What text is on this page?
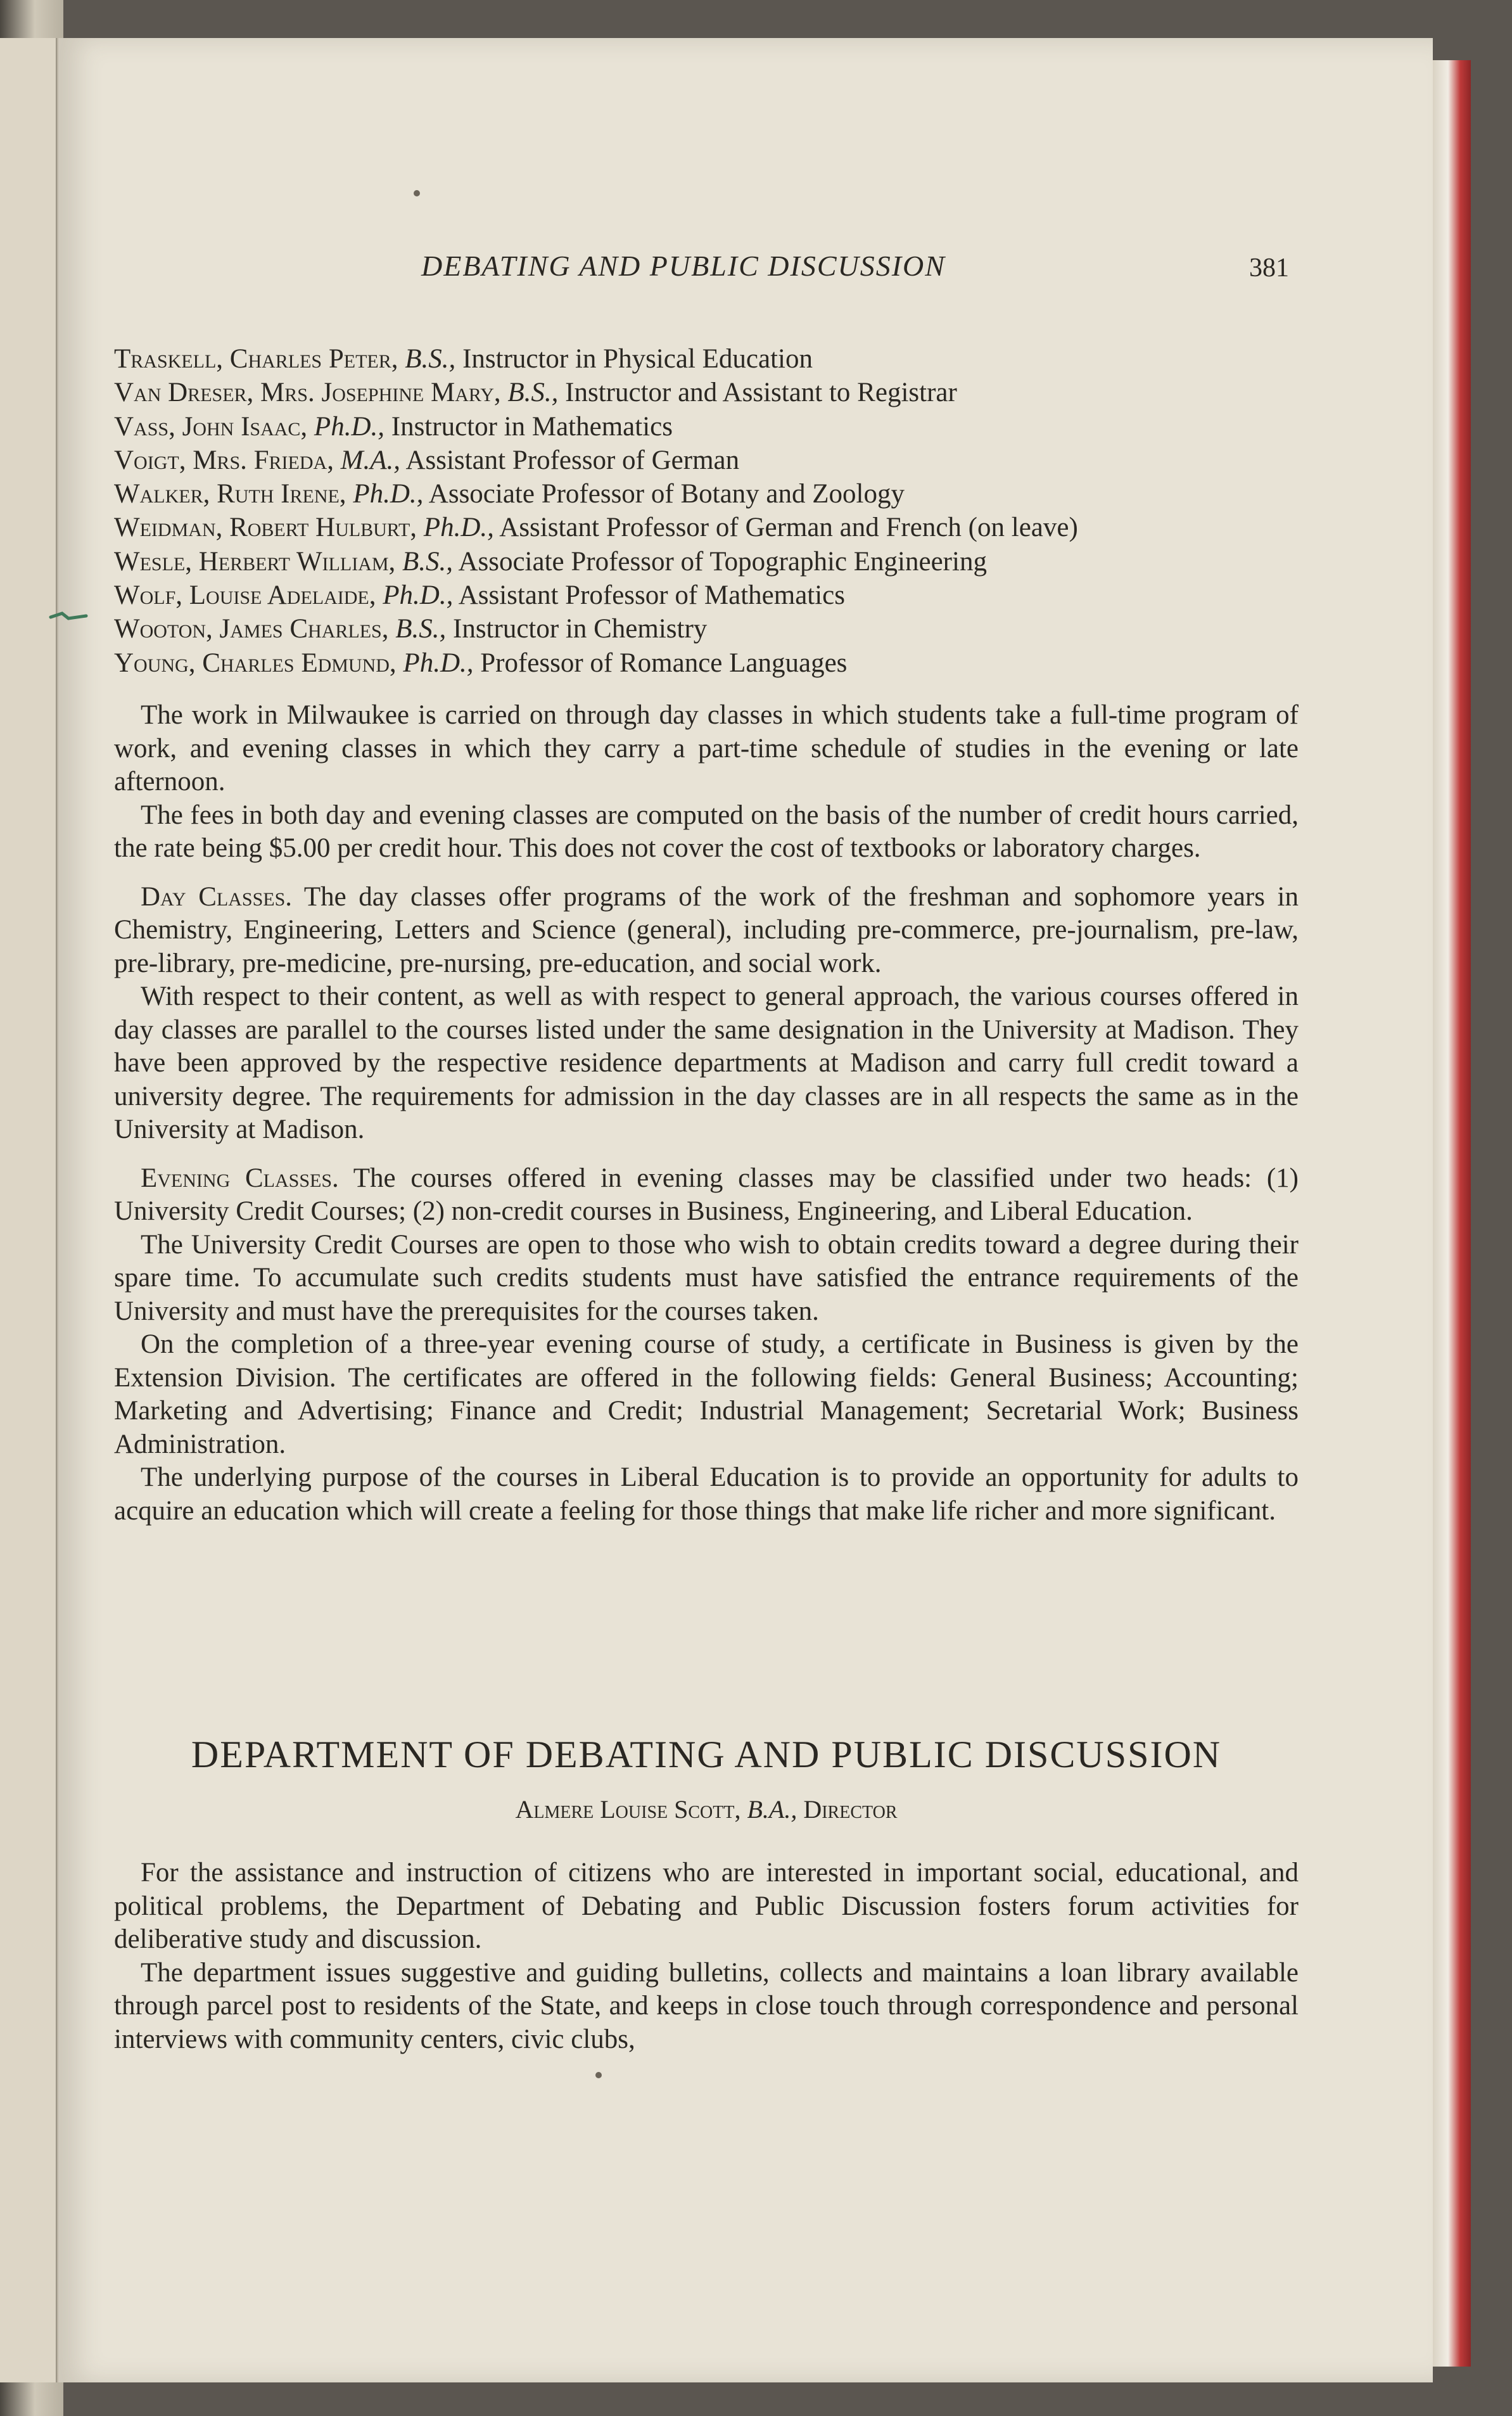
DEBATING AND PUBLIC DISCUSSION	381
Traskell, Charles Peter, B.S., Instructor in Physical Education
Van Dreser, Mrs. Josephine Mary, B.S., Instructor and Assistant to Registrar
Vass, John Isaac, Ph.D., Instructor in Mathematics
Voigt, Mrs. Frieda, M.A., Assistant Professor of German
Walker, Ruth Irene, Ph.D., Associate Professor of Botany and Zoology
Weidman, Robert Hulburt, Ph.D., Assistant Professor of German and French (on leave)
Wesle, Herbert William, B.S., Associate Professor of Topographic Engineering
Wolf, Louise Adelaide, Ph.D., Assistant Professor of Mathematics
Wooton, James Charles, B.S., Instructor in Chemistry
Young, Charles Edmund, Ph.D., Professor of Romance Languages

The work in Milwaukee is carried on through day classes in which students take a full-time program of work, and evening classes in which they carry a part-time schedule of studies in the evening or late afternoon.

The fees in both day and evening classes are computed on the basis of the number of credit hours carried, the rate being $5.00 per credit hour. This does not cover the cost of textbooks or laboratory charges.

Day Classes. The day classes offer programs of the work of the freshman and sophomore years in Chemistry, Engineering, Letters and Science (general), including pre-commerce, pre-journalism, pre-law, pre-library, pre-medicine, pre-nursing, pre-education, and social work.

With respect to their content, as well as with respect to general approach, the various courses offered in day classes are parallel to the courses listed under the same designation in the University at Madison. They have been approved by the respective residence departments at Madison and carry full credit toward a university degree. The requirements for admission in the day classes are in all respects the same as in the University at Madison.

Evening Classes. The courses offered in evening classes may be classified under two heads: (1) University Credit Courses; (2) non-credit courses in Business, Engineering, and Liberal Education.

The University Credit Courses are open to those who wish to obtain credits toward a degree during their spare time. To accumulate such credits students must have satisfied the entrance requirements of the University and must have the prerequisites for the courses taken.

On the completion of a three-year evening course of study, a certificate in Business is given by the Extension Division. The certificates are offered in the following fields: General Business; Accounting; Marketing and Advertising; Finance and Credit; Industrial Management; Secretarial Work; Business Administration.

The underlying purpose of the courses in Liberal Education is to provide an opportunity for adults to acquire an education which will create a feeling for those things that make life richer and more significant.

DEPARTMENT OF DEBATING AND PUBLIC DISCUSSION
Almere Louise Scott, B.A., Director

For the assistance and instruction of citizens who are interested in important social, educational, and political problems, the Department of Debating and Public Discussion fosters forum activities for deliberative study and discussion.

The department issues suggestive and guiding bulletins, collects and maintains a loan library available through parcel post to residents of the State, and keeps in close touch through correspondence and personal interviews with community centers, civic clubs,
